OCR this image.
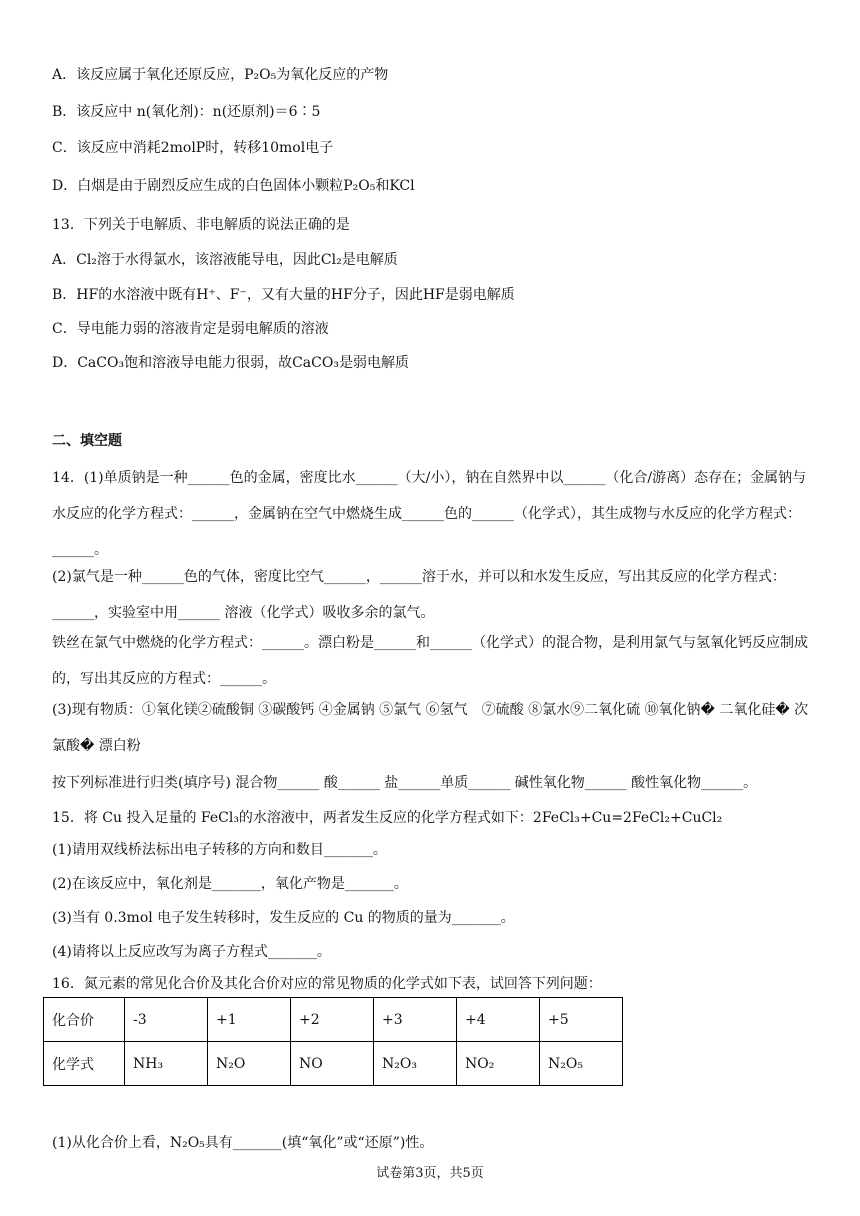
A．该反应属于氧化还原反应，P₂O₅为氧化反应的产物
B．该反应中 n(氧化剂)：n(还原剂)＝6∶5
C．该反应中消耗2molP时，转移10mol电子
D．白烟是由于剧烈反应生成的白色固体小颗粒P₂O₅和KCl
13．下列关于电解质、非电解质的说法正确的是
A．Cl₂溶于水得氯水，该溶液能导电，因此Cl₂是电解质
B．HF的水溶液中既有H⁺、F⁻，又有大量的HF分子，因此HF是弱电解质
C．导电能力弱的溶液肯定是弱电解质的溶液
D．CaCO₃饱和溶液导电能力很弱，故CaCO₃是弱电解质
二、填空题
14．(1)单质钠是一种______色的金属，密度比水______（大/小），钠在自然界中以______（化合/游离）态存在；金属钠与水反应的化学方程式：______，金属钠在空气中燃烧生成______色的______（化学式），其生成物与水反应的化学方程式：______。
(2)氯气是一种______色的气体，密度比空气______，______溶于水，并可以和水发生反应，写出其反应的化学方程式：______，实验室中用______ 溶液（化学式）吸收多余的氯气。
铁丝在氯气中燃烧的化学方程式：______。漂白粉是______和______（化学式）的混合物，是利用氯气与氢氧化钙反应制成的，写出其反应的方程式：______。
(3)现有物质：①氧化镁②硫酸铜 ③碳酸钙 ④金属钠 ⑤氯气 ⑥氢气　⑦硫酸 ⑧氯水⑨二氧化硫 ⑩氧化钠� 二氧化硅� 次氯酸� 漂白粉
按下列标准进行归类(填序号) 混合物______ 酸______ 盐______单质______ 碱性氧化物______ 酸性氧化物______。
15．将 Cu 投入足量的 FeCl₃的水溶液中，两者发生反应的化学方程式如下：2FeCl₃+Cu=2FeCl₂+CuCl₂
(1)请用双线桥法标出电子转移的方向和数目_______。
(2)在该反应中，氧化剂是_______，氧化产物是_______。
(3)当有 0.3mol 电子发生转移时，发生反应的 Cu 的物质的量为_______。
(4)请将以上反应改写为离子方程式_______。
16．氮元素的常见化合价及其化合价对应的常见物质的化学式如下表，试回答下列问题：
化合价	-3	+1	+2	+3	+4	+5
化学式	NH₃	N₂O	NO	N₂O₃	NO₂	N₂O₅
(1)从化合价上看，N₂O₅具有_______(填“氧化”或“还原”)性。
试卷第3页，共5页
